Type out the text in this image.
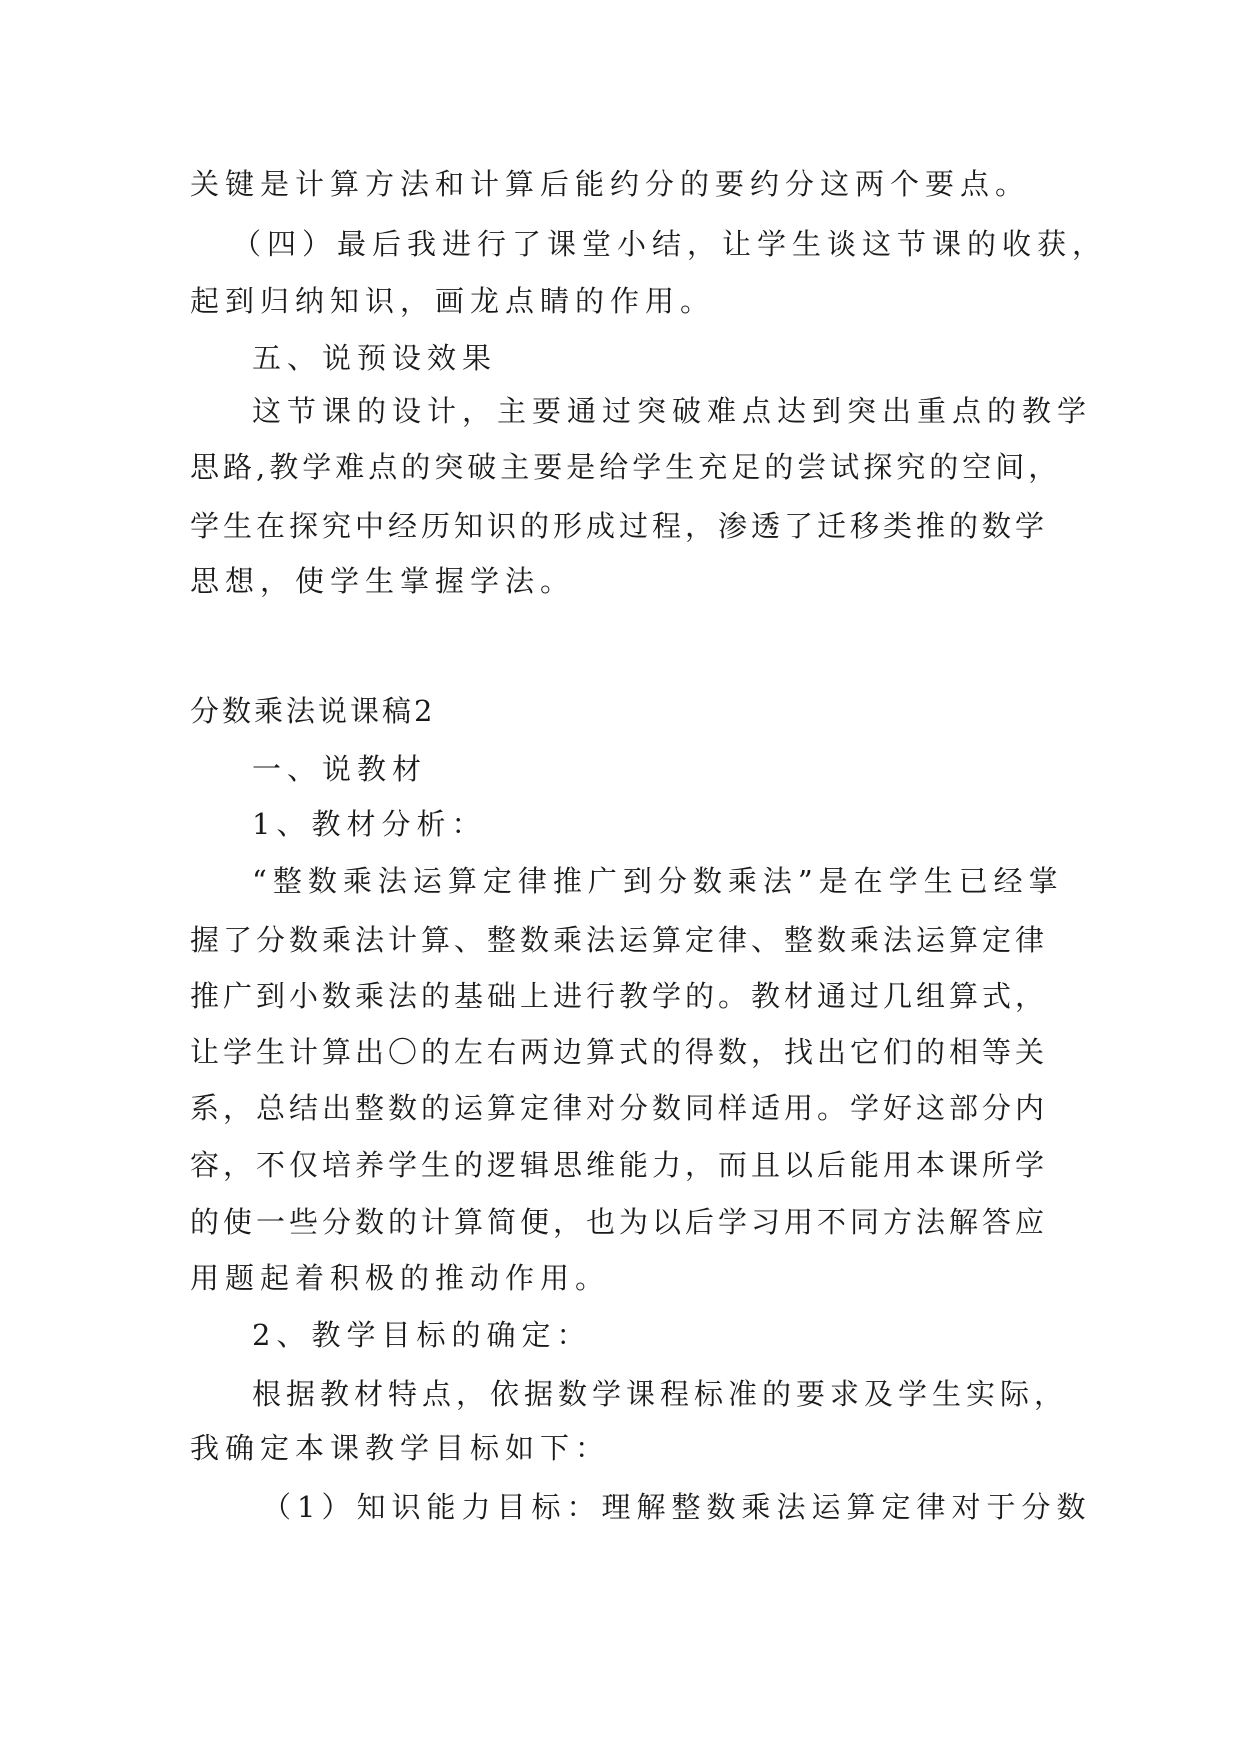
关键是计算方法和计算后能约分的要约分这两个要点。
（四）最后我进行了课堂小结，让学生谈这节课的收获，
起到归纳知识，画龙点睛的作用。
五、说预设效果
这节课的设计，主要通过突破难点达到突出重点的教学
思路,教学难点的突破主要是给学生充足的尝试探究的空间，
学生在探究中经历知识的形成过程，渗透了迁移类推的数学
思想，使学生掌握学法。
分数乘法说课稿2
一、说教材
1、教材分析：
“整数乘法运算定律推广到分数乘法”是在学生已经掌
握了分数乘法计算、整数乘法运算定律、整数乘法运算定律
推广到小数乘法的基础上进行教学的。教材通过几组算式，
让学生计算出〇的左右两边算式的得数，找出它们的相等关
系，总结出整数的运算定律对分数同样适用。学好这部分内
容，不仅培养学生的逻辑思维能力，而且以后能用本课所学
的使一些分数的计算简便，也为以后学习用不同方法解答应
用题起着积极的推动作用。
2、教学目标的确定：
根据教材特点，依据数学课程标准的要求及学生实际，
我确定本课教学目标如下：
（1）知识能力目标：理解整数乘法运算定律对于分数
